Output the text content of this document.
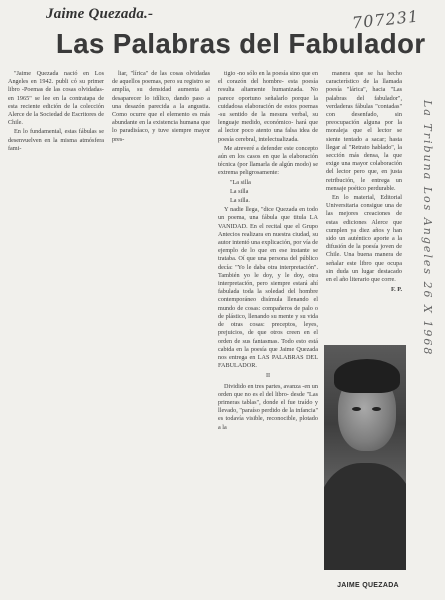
Jaime Quezada.-
Las Palabras del Fabulador
707231
La Tribuna Los Angeles 26 X 1968

"Jaime Quezada nació en Los Angeles en 1942. publi có su primer libro -Poemas de las cosas olvidadas- en 1965" se lee en la contratapa de esta reciente edición de la colección Alerce de la Sociedad de Escritores de Chile.

En lo fundamental, estas fábulas se desenvuelven en la misma atmósfera fami-

liar, "lírica" de las cosas olvidadas de aquellos poemas, pero su registro se amplía, su densidad aumenta al desaparecer lo idílico, dando paso a una desazón parecida a la angustia. Como ocurre que el elemento es más abundante en la existencia humana que lo paradisíaco, y tuve siempre mayor pres-

tigio -no sólo en la poesía sino que en el corazón del hombre- esta poesía resulta altamente humanizada. No parece oportuno señalarlo porque la cuidadosa elaboración de estos poemas -su sentido de la mesura verbal, su lenguaje medido, económico- hará que al lector poco atento una falsa idea de poesía cerebral, intelectualizada.

Me atreveré a defender este concepto aún en los casos en que la elaboración técnica (por llamarla de algún modo) se extrema peligrosamente:

"La silla

La silla

La silla.

Y nadie llega, "dice Quezada en todo un poema, una fábula que titula LA VANIDAD. En el recital que el Grupo Antecios realizara en nuestra ciudad, su autor intentó una explicación, por vía de ejemplo de lo que en ese instante se trataba. Oí que una persona del público decía: "Yo le daba otra interpretación". También yo le doy, y le doy, otra interpretación, pero siempre estará ahí fabulada toda la soledad del hombre contemporáneo disímula llenando el mundo de cosas: compañeros de palo o de plástico, llenando su mente y su vida de otras cosas: preceptos, leyes, prejuicios, de que otros creen en el orden de sus fantasmas. Todo esto está cabida en la poesía que Jaime Quezada nos entrega en LAS PALABRAS DEL FABULADOR.

II

Dividido en tres partes, avanza -en un orden que no es el del libro- desde "Las primeras tablas", donde el fue traído y llevado, "paraíso perdido de la infancia" es todavía visible, reconocible, plotado a la

manera que se ha hecho característico de la llamada poesía "lárica", hacia "Las palabras del fabulador", verdaderas fábulas "contadas" con desenfado, sin preocupación alguna por la moraleja que el lector se siente tentado a sacar; hasta llegar al "Retrato hablado", la sección más densa, la que exige una mayor colaboración del lector pero que, en justa retribución, le entrega un mensaje poético perdurable.

En lo material, Editorial Universitaria consigue una de las mejores creaciones de estas ediciones Alerce que cumplen ya diez años y han sido un auténtico aporte a la difusión de la poesía joven de Chile. Una buena manera de señalar este libro que ocupa sin duda un lugar destacado en el año literario que corre.

F. P.

JAIME QUEZADA
